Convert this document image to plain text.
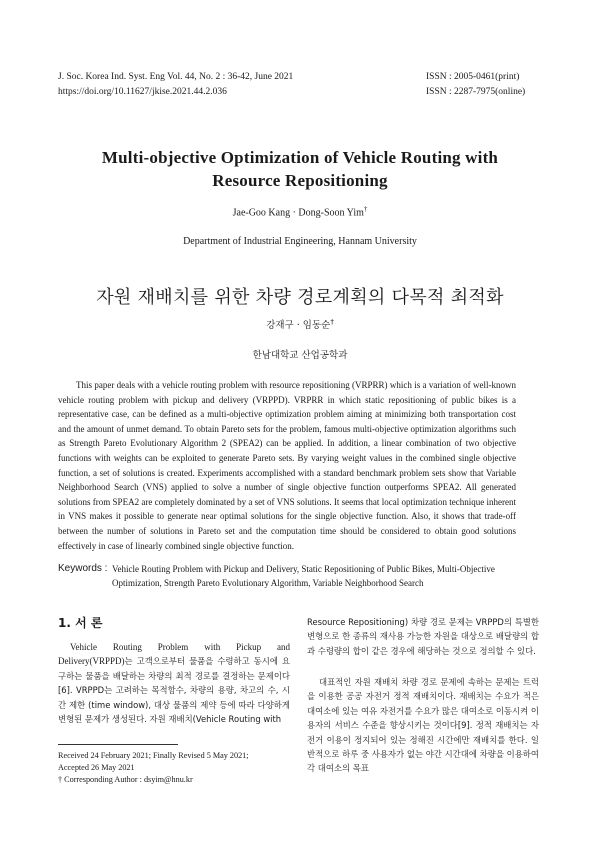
J. Soc. Korea Ind. Syst. Eng Vol. 44, No. 2 : 36-42, June 2021
https://doi.org/10.11627/jkise.2021.44.2.036
ISSN : 2005-0461(print)
ISSN : 2287-7975(online)
Multi-objective Optimization of Vehicle Routing with
Resource Repositioning
Jae-Goo Kang · Dong-Soon Yim†
Department of Industrial Engineering, Hannam University
자원 재배치를 위한 차량 경로계획의 다목적 최적화
강재구 · 임동순†
한남대학교 산업공학과

This paper deals with a vehicle routing problem with resource repositioning (VRPRR) which is a variation of well-known vehicle routing problem with pickup and delivery (VRPPD). VRPRR in which static repositioning of public bikes is a representative case, can be defined as a multi-objective optimization problem aiming at minimizing both transportation cost and the amount of unmet demand. To obtain Pareto sets for the problem, famous multi-objective optimization algorithms such as Strength Pareto Evolutionary Algorithm 2 (SPEA2) can be applied. In addition, a linear combination of two objective functions with weights can be exploited to generate Pareto sets. By varying weight values in the combined single objective function, a set of solutions is created. Experiments accomplished with a standard benchmark problem sets show that Variable Neighborhood Search (VNS) applied to solve a number of single objective function outperforms SPEA2. All generated solutions from SPEA2 are completely dominated by a set of VNS solutions. It seems that local optimization technique inherent in VNS makes it possible to generate near optimal solutions for the single objective function. Also, it shows that trade-off between the number of solutions in Pareto set and the computation time should be considered to obtain good solutions effectively in case of linearly combined single objective function.

Keywords : Vehicle Routing Problem with Pickup and Delivery, Static Repositioning of Public Bikes, Multi-Objective Optimization, Strength Pareto Evolutionary Algorithm, Variable Neighborhood Search
1. 서 론

Vehicle Routing Problem with Pickup and Delivery(VRPPD)는 고객으로부터 물품을 수령하고 동시에 요구하는 물품을 배달하는 차량의 최적 경로를 결정하는 문제이다[6]. VRPPD는 고려하는 목적함수, 차량의 용량, 차고의 수, 시간 제한 (time window), 대상 물품의 제약 등에 따라 다양하게 변형된 문제가 생성된다. 자원 재배치(Vehicle Routing with

Resource Repositioning) 차량 경로 문제는 VRPPD의 특별한 변형으로 한 종류의 재사용 가능한 자원을 대상으로 배달량의 합과 수령량의 합이 같은 경우에 해당하는 것으로 정의할 수 있다.

대표적인 자원 재배치 차량 경로 문제에 속하는 문제는 트럭을 이용한 공공 자전거 정적 재배치이다. 재배치는 수요가 적은 대여소에 있는 여유 자전거를 수요가 많은 대여소로 이동시켜 이용자의 서비스 수준을 향상시키는 것이다[9]. 정적 재배치는 자전거 이용이 정지되어 있는 정해진 시간에만 재배치를 한다. 일반적으로 하루 중 사용자가 없는 야간 시간대에 차량을 이용하여 각 대여소의 목표

Received 24 February 2021; Finally Revised 5 May 2021;
Accepted 26 May 2021
† Corresponding Author : dsyim@hnu.kr
